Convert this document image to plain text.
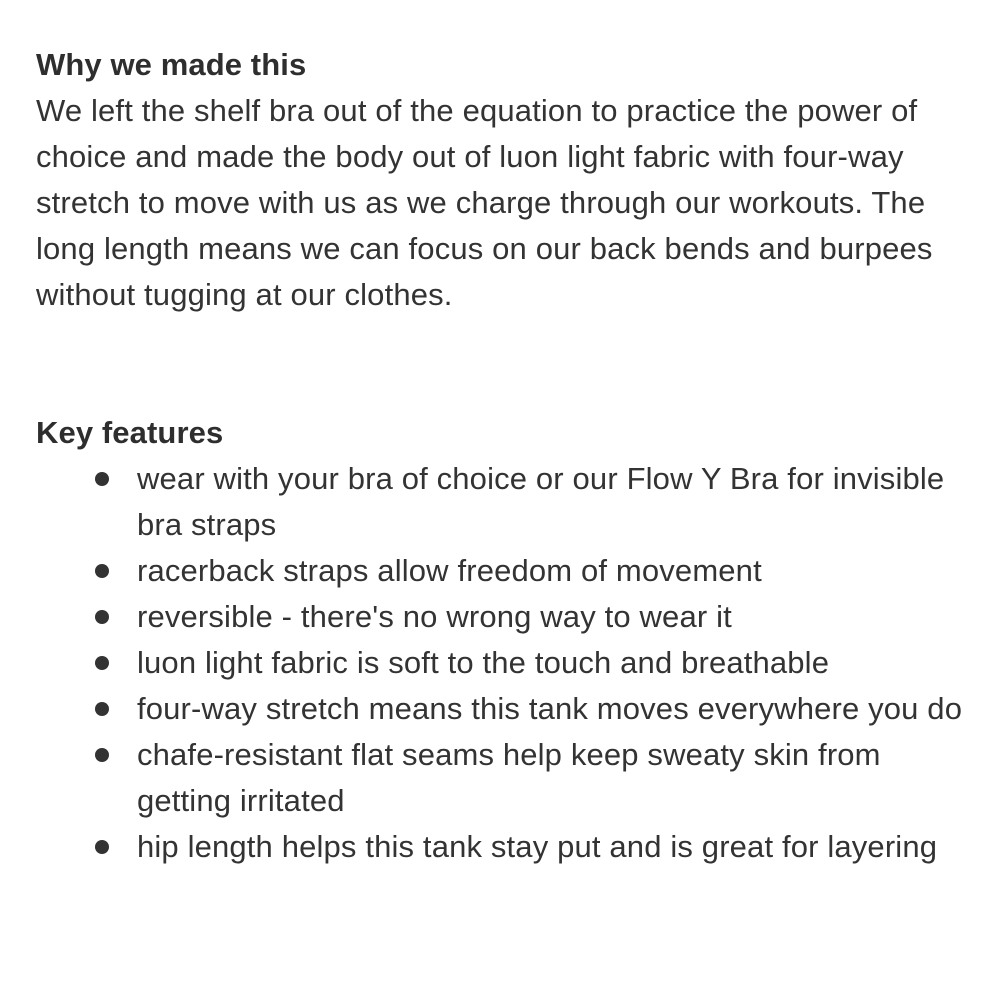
Why we made this

We left the shelf bra out of the equation to practice the power of choice and made the body out of luon light fabric with four-way stretch to move with us as we charge through our workouts. The long length means we can focus on our back bends and burpees without tugging at our clothes.

Key features
wear with your bra of choice or our Flow Y Bra for invisible bra straps
racerback straps allow freedom of movement
reversible - there's no wrong way to wear it
luon light fabric is soft to the touch and breathable
four-way stretch means this tank moves everywhere you do
chafe-resistant flat seams help keep sweaty skin from getting irritated
hip length helps this tank stay put and is great for layering
